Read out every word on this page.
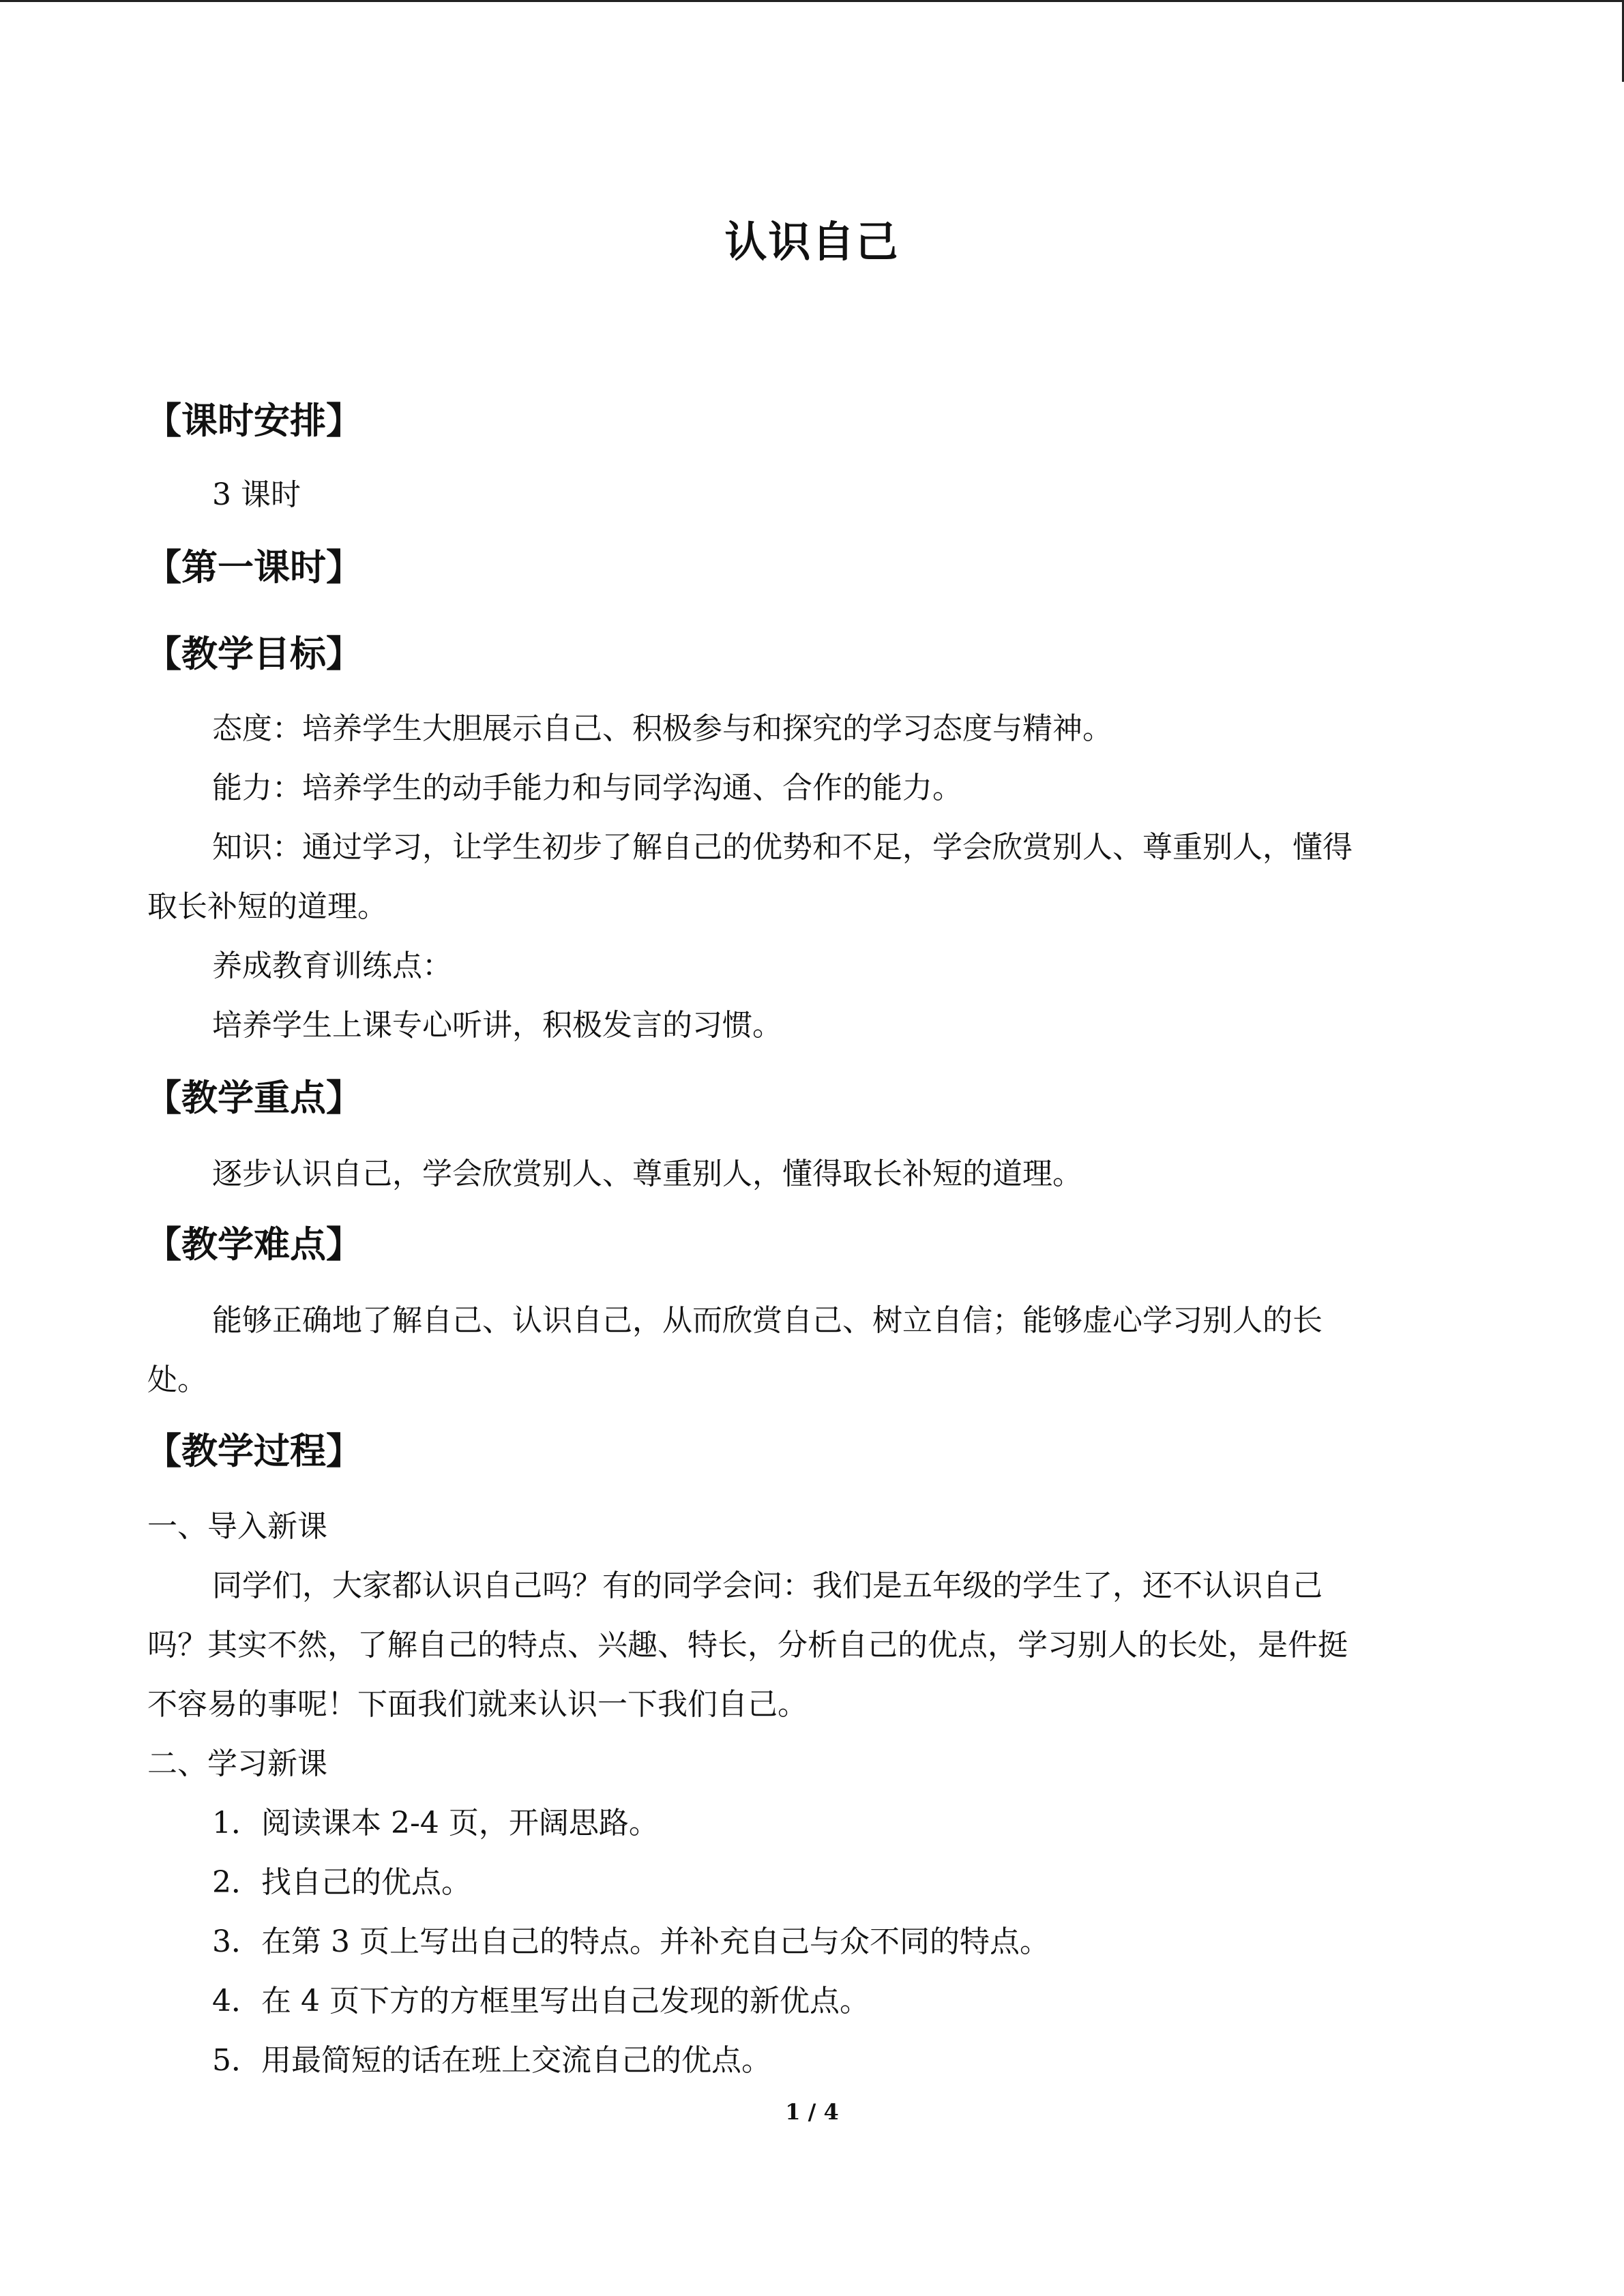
认识自己
【课时安排】
3 课时
【第一课时】
【教学目标】
态度：培养学生大胆展示自己、积极参与和探究的学习态度与精神。
能力：培养学生的动手能力和与同学沟通、合作的能力。
知识：通过学习，让学生初步了解自己的优势和不足，学会欣赏别人、尊重别人，懂得
取长补短的道理。
养成教育训练点：
培养学生上课专心听讲，积极发言的习惯。
【教学重点】
逐步认识自己，学会欣赏别人、尊重别人，懂得取长补短的道理。
【教学难点】
能够正确地了解自己、认识自己，从而欣赏自己、树立自信；能够虚心学习别人的长
处。
【教学过程】
一、导入新课
同学们，大家都认识自己吗？有的同学会问：我们是五年级的学生了，还不认识自己
吗？其实不然，了解自己的特点、兴趣、特长，分析自己的优点，学习别人的长处，是件挺
不容易的事呢！下面我们就来认识一下我们自己。
二、学习新课
1．阅读课本 2-4 页，开阔思路。
2．找自己的优点。
3．在第 3 页上写出自己的特点。并补充自己与众不同的特点。
4．在 4 页下方的方框里写出自己发现的新优点。
5．用最简短的话在班上交流自己的优点。
1 / 4
